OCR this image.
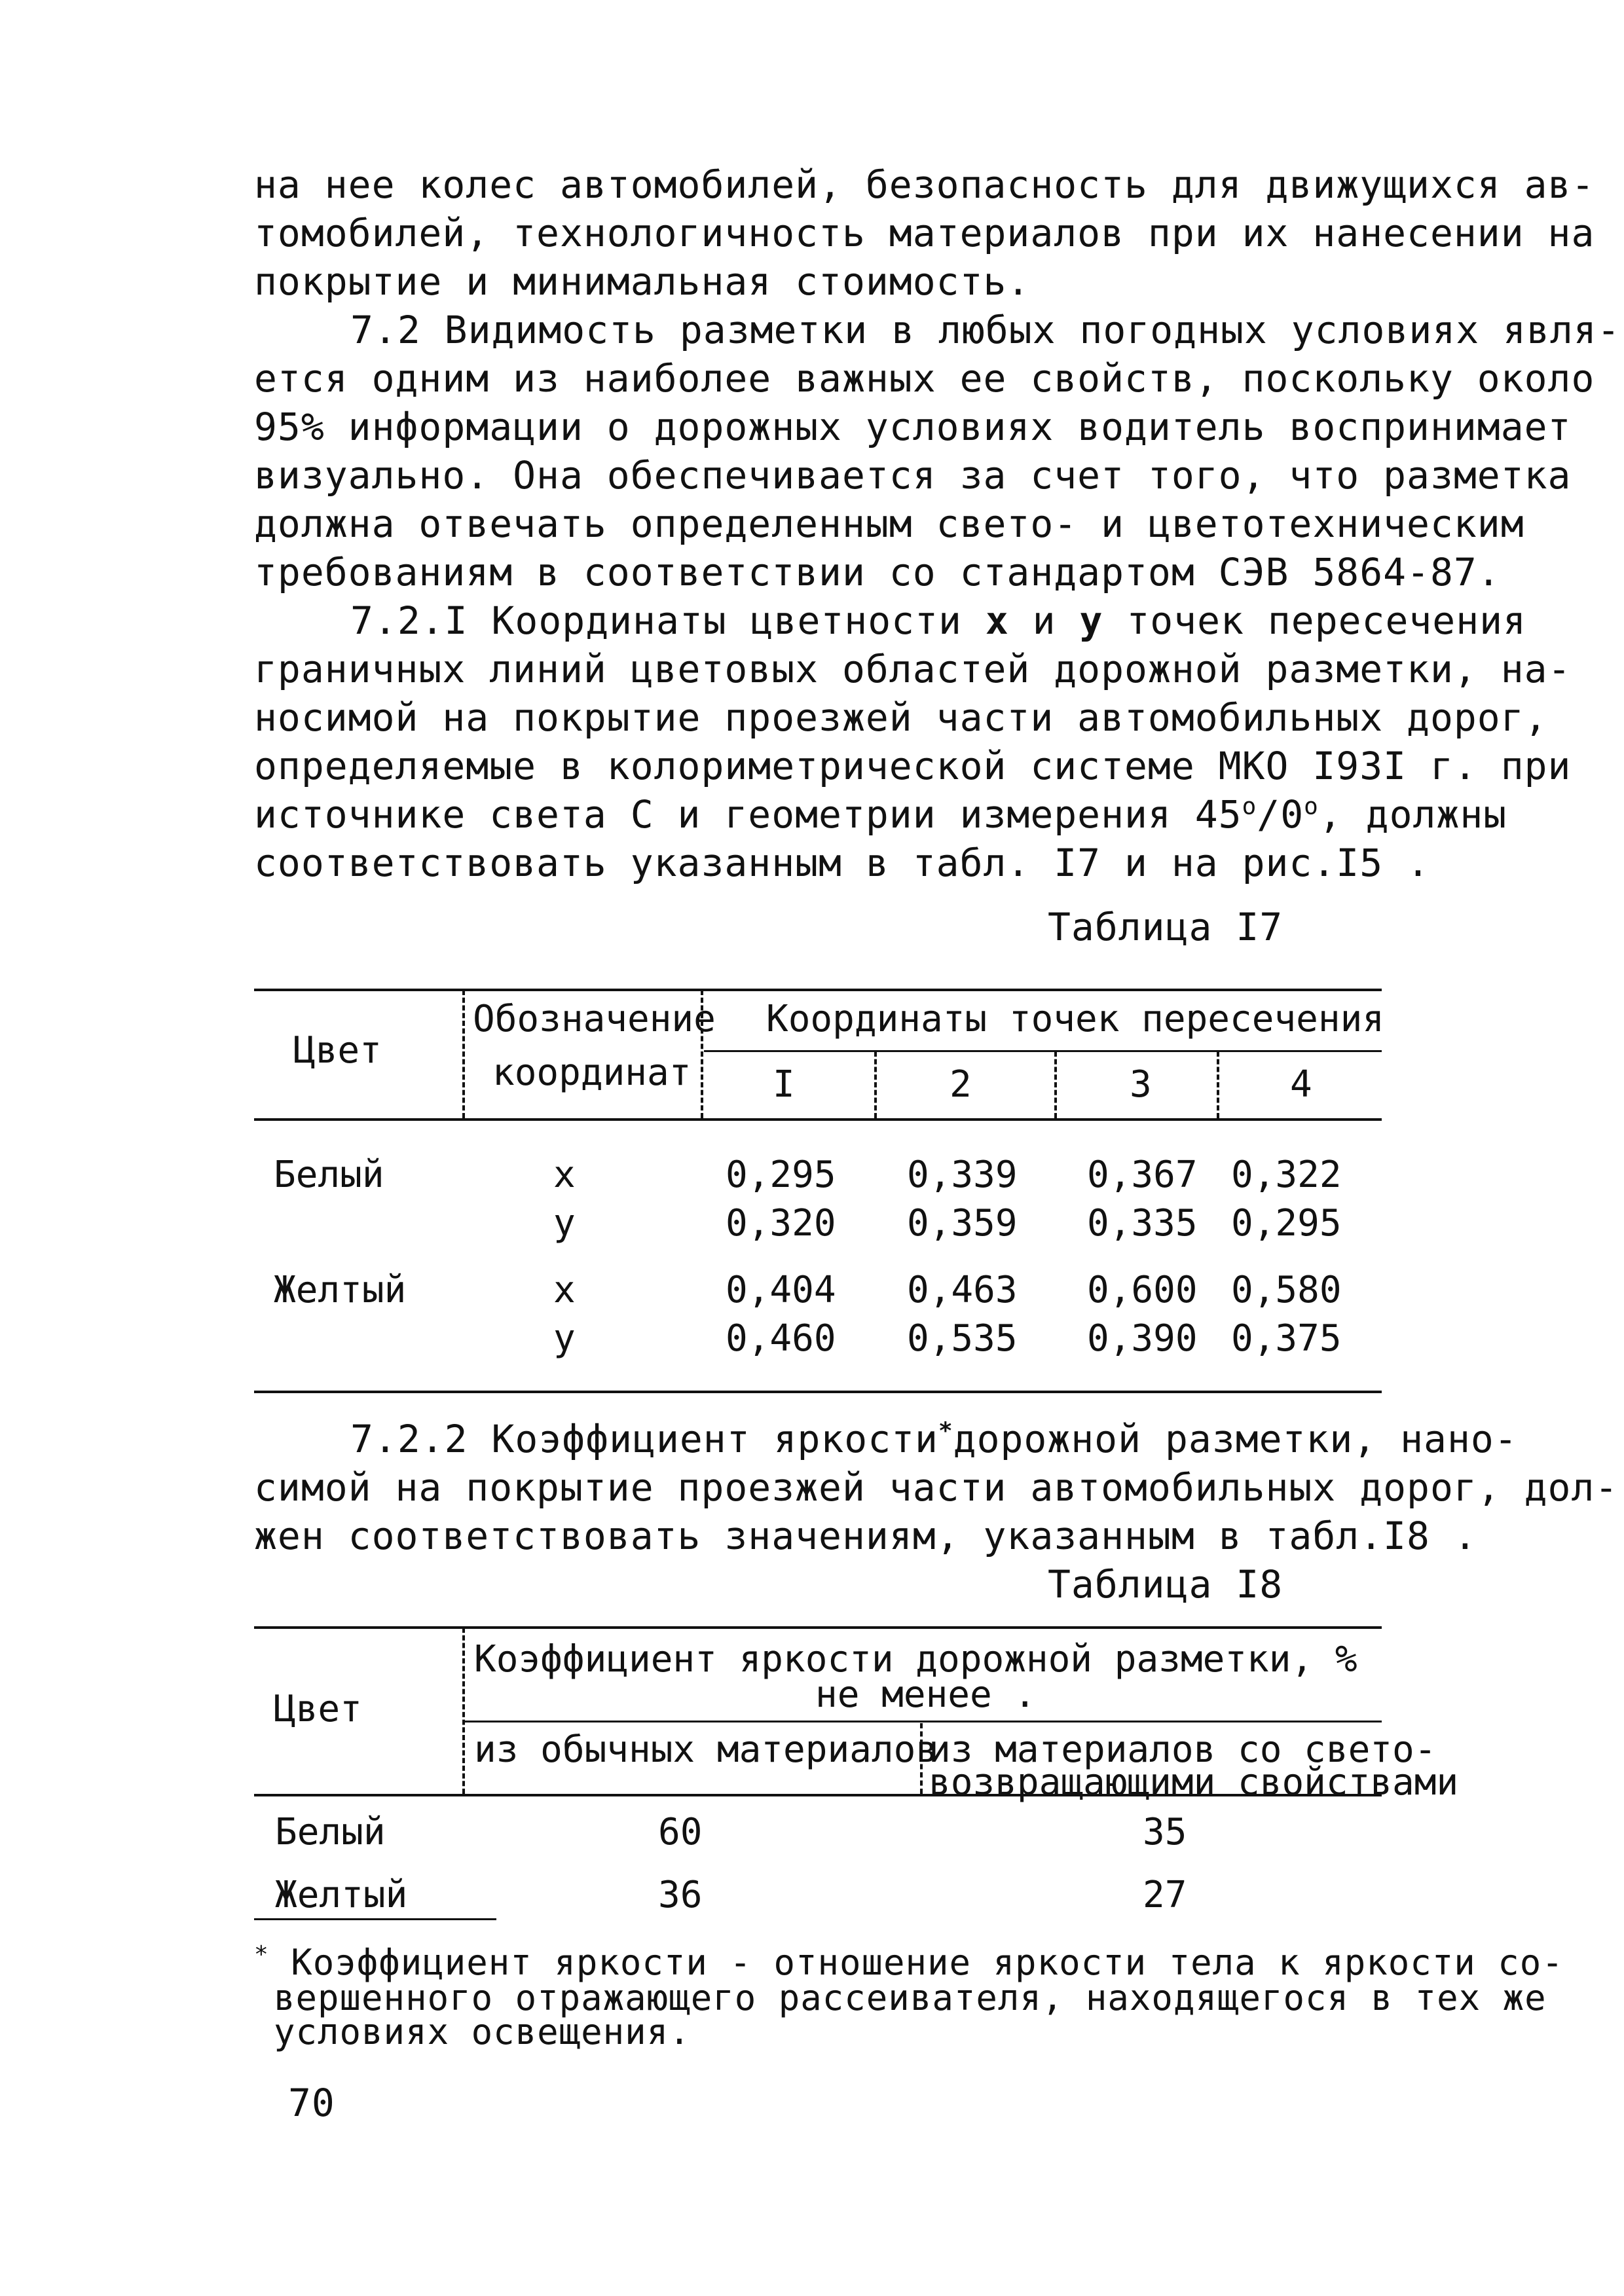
на нее колес автомобилей, безопасность для движущихся ав-
томобилей, технологичность материалов при их нанесении на
покрытие и минимальная стоимость.
7.2 Видимость разметки в любых погодных условиях явля-
ется одним из наиболее важных ее свойств, поскольку около
95% информации о дорожных условиях водитель воспринимает
визуально. Она обеспечивается за счет того, что разметка
должна отвечать определенным свето- и цветотехническим
требованиям в соответствии со стандартом СЭВ 5864-87.
7.2.I Координаты цветности x и y точек пересечения
граничных линий цветовых областей дорожной разметки, на-
носимой на покрытие проезжей части автомобильных дорог,
определяемые в колориметрической системе МКО I93I г. при
источнике света С и геометрии измерения $45^о/0^о$, должны
соответствовать указанным в табл. I7 и на рис.I5 .
Таблица I7
Цвет
Обозначение
координат
Координаты точек пересечения
I	2	3	4
Белый	x	0,295 0,339 0,367 0,322
y	0,320 0,359 0,335 0,295
Желтый	x	0,404 0,463 0,600 0,580
y	0,460 0,535 0,390 0,375
7.2.2 Коэффициент яркости*дорожной разметки, нано-
симой на покрытие проезжей части автомобильных дорог, дол-
жен соответствовать значениям, указанным в табл.I8 .
Таблица I8
Цвет
Коэффициент яркости дорожной разметки, %
не менее .
из обычных материалов
из материалов со свето-
возвращающими свойствами
Белый	60	35
Желтый	36	27
* Коэффициент яркости - отношение яркости тела к яркости со-
вершенного отражающего рассеивателя, находящегося в тех же
условиях освещения.
70
